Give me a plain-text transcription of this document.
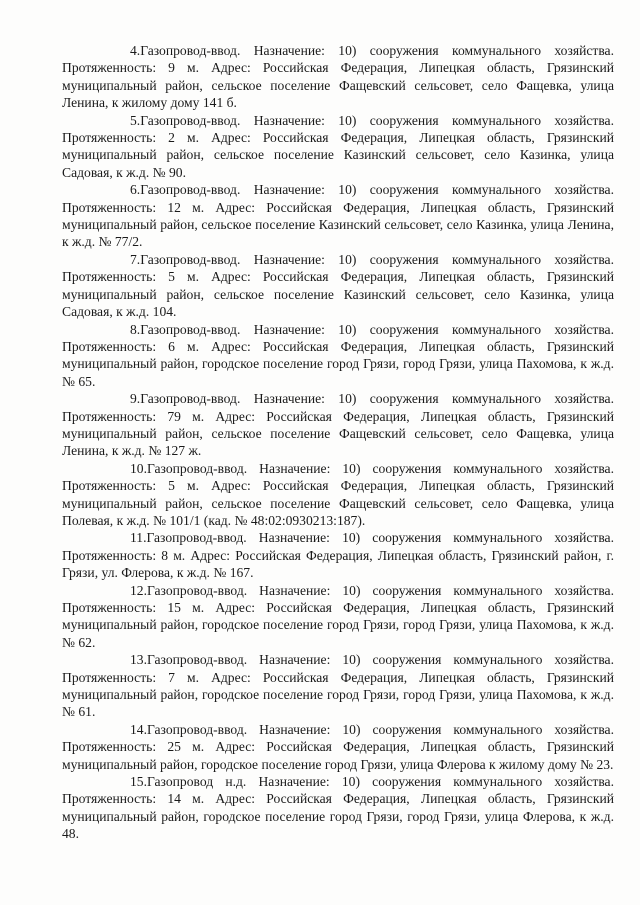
4.Газопровод-ввод. Назначение: 10) сооружения коммунального хозяйства. Протяженность: 9 м. Адрес: Российская Федерация, Липецкая область, Грязинский муниципальный район, сельское поселение Фащевский сельсовет, село Фащевка, улица Ленина, к жилому дому 141 б.

5.Газопровод-ввод. Назначение: 10) сооружения коммунального хозяйства. Протяженность: 2 м. Адрес: Российская Федерация, Липецкая область, Грязинский муниципальный район, сельское поселение Казинский сельсовет, село Казинка, улица Садовая, к ж.д. № 90.

6.Газопровод-ввод. Назначение: 10) сооружения коммунального хозяйства. Протяженность: 12 м. Адрес: Российская Федерация, Липецкая область, Грязинский муниципальный район, сельское поселение Казинский сельсовет, село Казинка, улица Ленина, к ж.д. № 77/2.

7.Газопровод-ввод. Назначение: 10) сооружения коммунального хозяйства. Протяженность: 5 м. Адрес: Российская Федерация, Липецкая область, Грязинский муниципальный район, сельское поселение Казинский сельсовет, село Казинка, улица Садовая, к ж.д. 104.

8.Газопровод-ввод. Назначение: 10) сооружения коммунального хозяйства. Протяженность: 6 м. Адрес: Российская Федерация, Липецкая область, Грязинский муниципальный район, городское поселение город Грязи, город Грязи, улица Пахомова, к ж.д. № 65.

9.Газопровод-ввод. Назначение: 10) сооружения коммунального хозяйства. Протяженность: 79 м. Адрес: Российская Федерация, Липецкая область, Грязинский муниципальный район, сельское поселение Фащевский сельсовет, село Фащевка, улица Ленина, к ж.д. № 127 ж.

10.Газопровод-ввод. Назначение: 10) сооружения коммунального хозяйства. Протяженность: 5 м. Адрес: Российская Федерация, Липецкая область, Грязинский муниципальный район, сельское поселение Фащевский сельсовет, село Фащевка, улица Полевая, к ж.д. № 101/1 (кад. № 48:02:0930213:187).

11.Газопровод-ввод. Назначение: 10) сооружения коммунального хозяйства. Протяженность: 8 м. Адрес: Российская Федерация, Липецкая область, Грязинский район, г. Грязи, ул. Флерова, к ж.д. № 167.

12.Газопровод-ввод. Назначение: 10) сооружения коммунального хозяйства. Протяженность: 15 м. Адрес: Российская Федерация, Липецкая область, Грязинский муниципальный район, городское поселение город Грязи, город Грязи, улица Пахомова, к ж.д. № 62.

13.Газопровод-ввод. Назначение: 10) сооружения коммунального хозяйства. Протяженность: 7 м. Адрес: Российская Федерация, Липецкая область, Грязинский муниципальный район, городское поселение город Грязи, город Грязи, улица Пахомова, к ж.д. № 61.

14.Газопровод-ввод. Назначение: 10) сооружения коммунального хозяйства. Протяженность: 25 м. Адрес: Российская Федерация, Липецкая область, Грязинский муниципальный район, городское поселение город Грязи, улица Флерова к жилому дому № 23.

15.Газопровод н.д. Назначение: 10) сооружения коммунального хозяйства. Протяженность: 14 м. Адрес: Российская Федерация, Липецкая область, Грязинский муниципальный район, городское поселение город Грязи, город Грязи, улица Флерова, к ж.д. 48.
